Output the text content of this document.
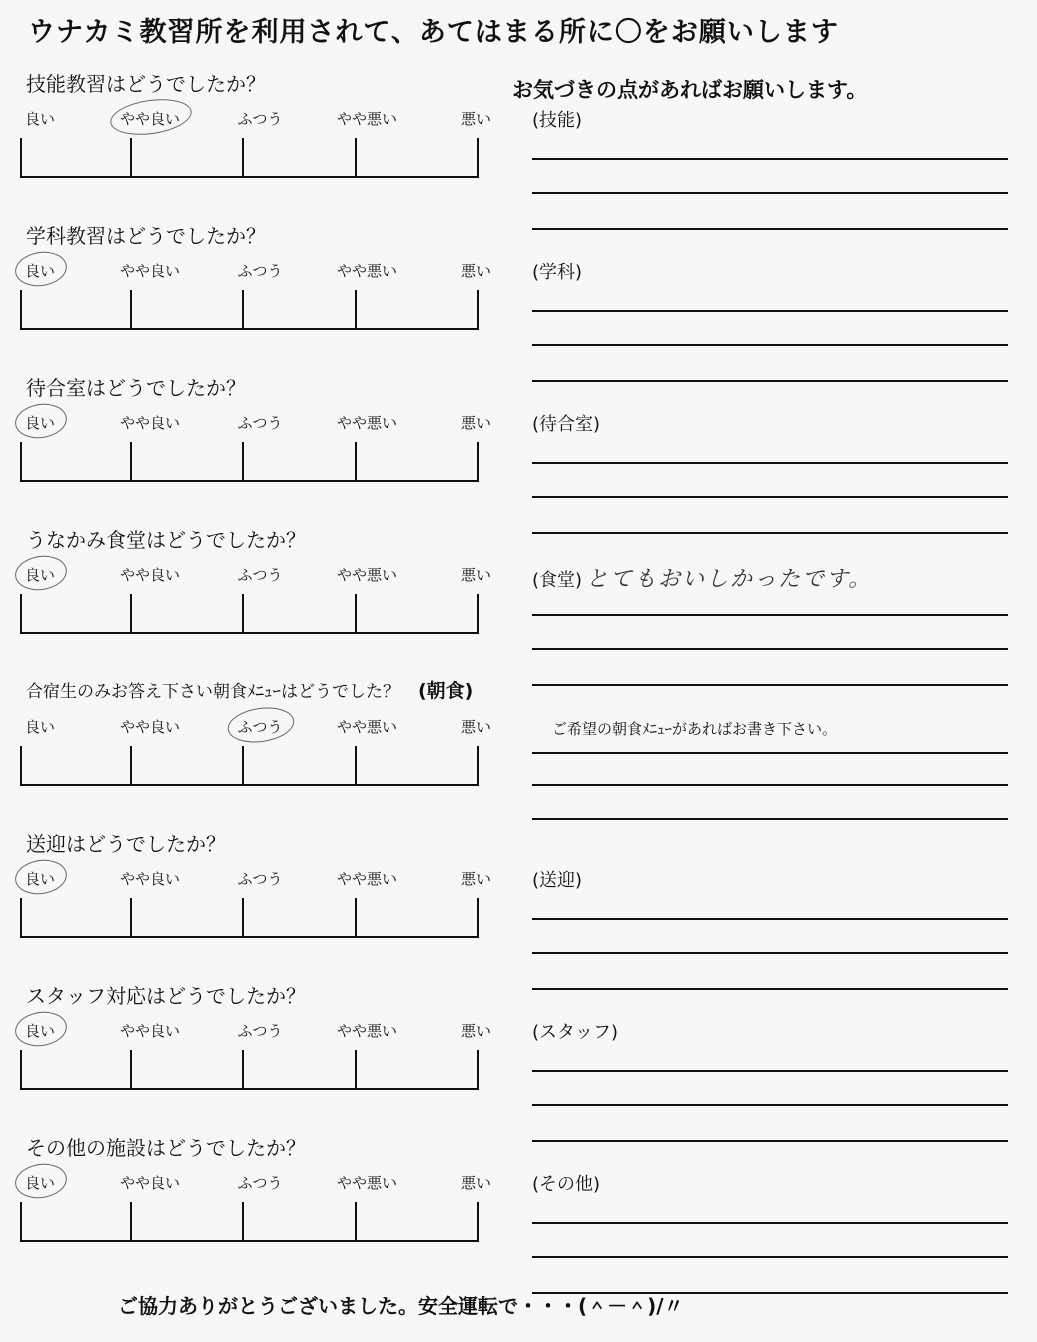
ウナカミ教習所を利用されて、あてはまる所に〇をお願いします
お気づきの点があればお願いします。
技能教習はどうでしたか？
良い	やや良い	ふつう	やや悪い	悪い (技能)
学科教習はどうでしたか？
良い	やや良い	ふつう	やや悪い	悪い (学科)
待合室はどうでしたか？
良い	やや良い	ふつう	やや悪い	悪い (待合室)
うなかみ食堂はどうでしたか？
良い	やや良い	ふつう	やや悪い	悪い (食堂) とてもおいしかったです。
合宿生のみお答え下さい朝食ﾒﾆｭｰはどうでした？ (朝食)
良い	やや良い	ふつう	やや悪い	悪い	ご希望の朝食ﾒﾆｭｰがあればお書き下さい。
送迎はどうでしたか？
良い	やや良い	ふつう	やや悪い	悪い (送迎)
スタッフ対応はどうでしたか？
良い	やや良い	ふつう	やや悪い	悪い (スタッフ)
その他の施設はどうでしたか？
良い	やや良い	ふつう	やや悪い	悪い (その他)
ご協力ありがとうございました。安全運転で・・・(＾－＾)/〃
